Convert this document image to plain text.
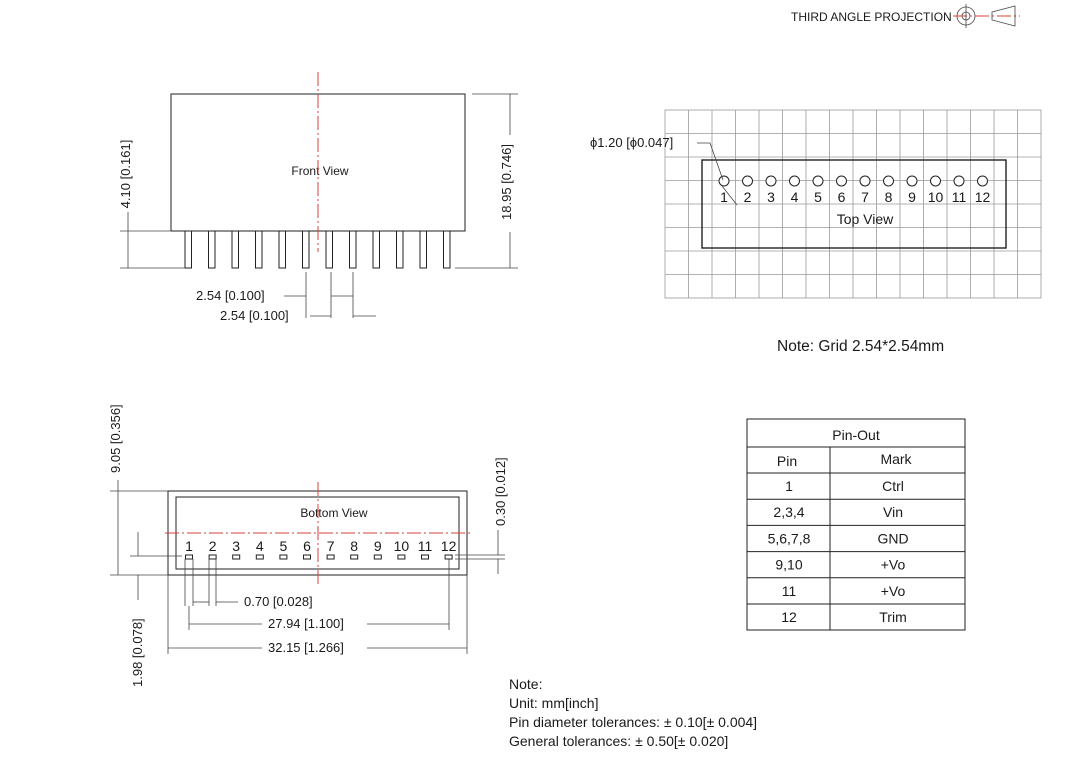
THIRD ANGLE PROJECTION
Front View
4.10 [0.161]	18.95 [0.746]
2.54 [0.100]
2.54 [0.100]
1 2 3 4 5 6 7 8 9 10 11 12
Top View
ϕ1.20 [ϕ0.047]
Note: Grid 2.54*2.54mm
Bottom View
1 2 3 4 5 6 7 8 9 10 11 12
9.05 [0.356]
1.98 [0.078]
0.30 [0.012]
0.70 [0.028]
27.94 [1.100]
32.15 [1.266]
Pin-Out
Pin	Mark
1	Ctrl
2,3,4	Vin
5,6,7,8	GND
9,10	+Vo
11	+Vo
12	Trim
Note:
Unit: mm[inch]
Pin diameter tolerances: ± 0.10[± 0.004]
General tolerances: ± 0.50[± 0.020]
